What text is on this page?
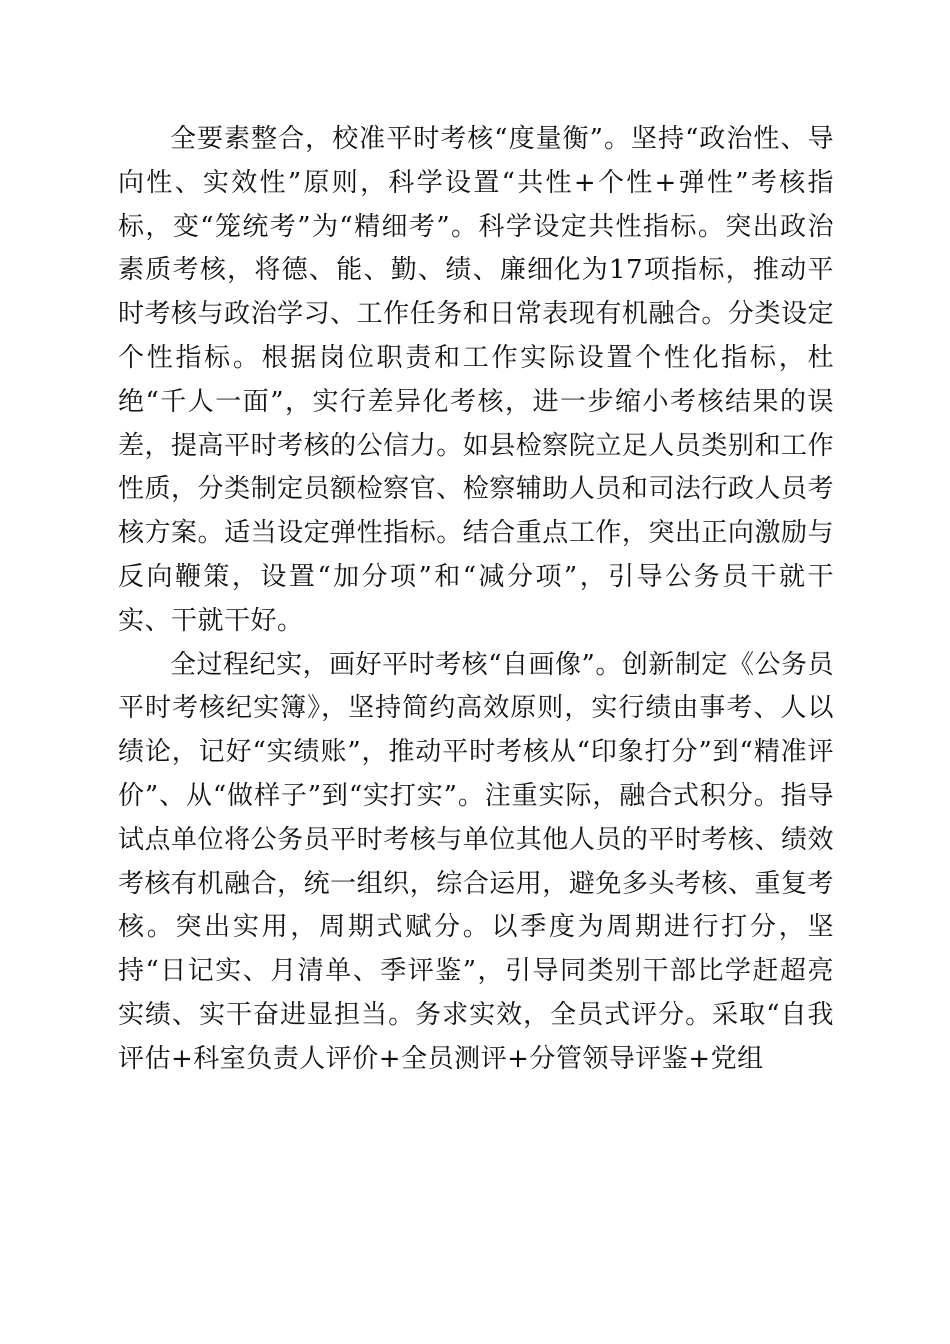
全要素整合，校准平时考核“度量衡”。坚持“政治性、导向性、实效性”原则，科学设置“共性+个性+弹性”考核指标，变“笼统考”为“精细考”。科学设定共性指标。突出政治素质考核，将德、能、勤、绩、廉细化为17项指标，推动平时考核与政治学习、工作任务和日常表现有机融合。分类设定个性指标。根据岗位职责和工作实际设置个性化指标，杜绝“千人一面”，实行差异化考核，进一步缩小考核结果的误差，提高平时考核的公信力。如县检察院立足人员类别和工作性质，分类制定员额检察官、检察辅助人员和司法行政人员考核方案。适当设定弹性指标。结合重点工作，突出正向激励与反向鞭策，设置“加分项”和“减分项”，引导公务员干就干实、干就干好。

全过程纪实，画好平时考核“自画像”。创新制定《公务员平时考核纪实簿》，坚持简约高效原则，实行绩由事考、人以绩论，记好“实绩账”，推动平时考核从“印象打分”到“精准评价”、从“做样子”到“实打实”。注重实际，融合式积分。指导试点单位将公务员平时考核与单位其他人员的平时考核、绩效考核有机融合，统一组织，综合运用，避免多头考核、重复考核。突出实用，周期式赋分。以季度为周期进行打分，坚持“日记实、月清单、季评鉴”，引导同类别干部比学赶超亮实绩、实干奋进显担当。务求实效，全员式评分。采取“自我评估+科室负责人评价+全员测评+分管领导评鉴+党组
